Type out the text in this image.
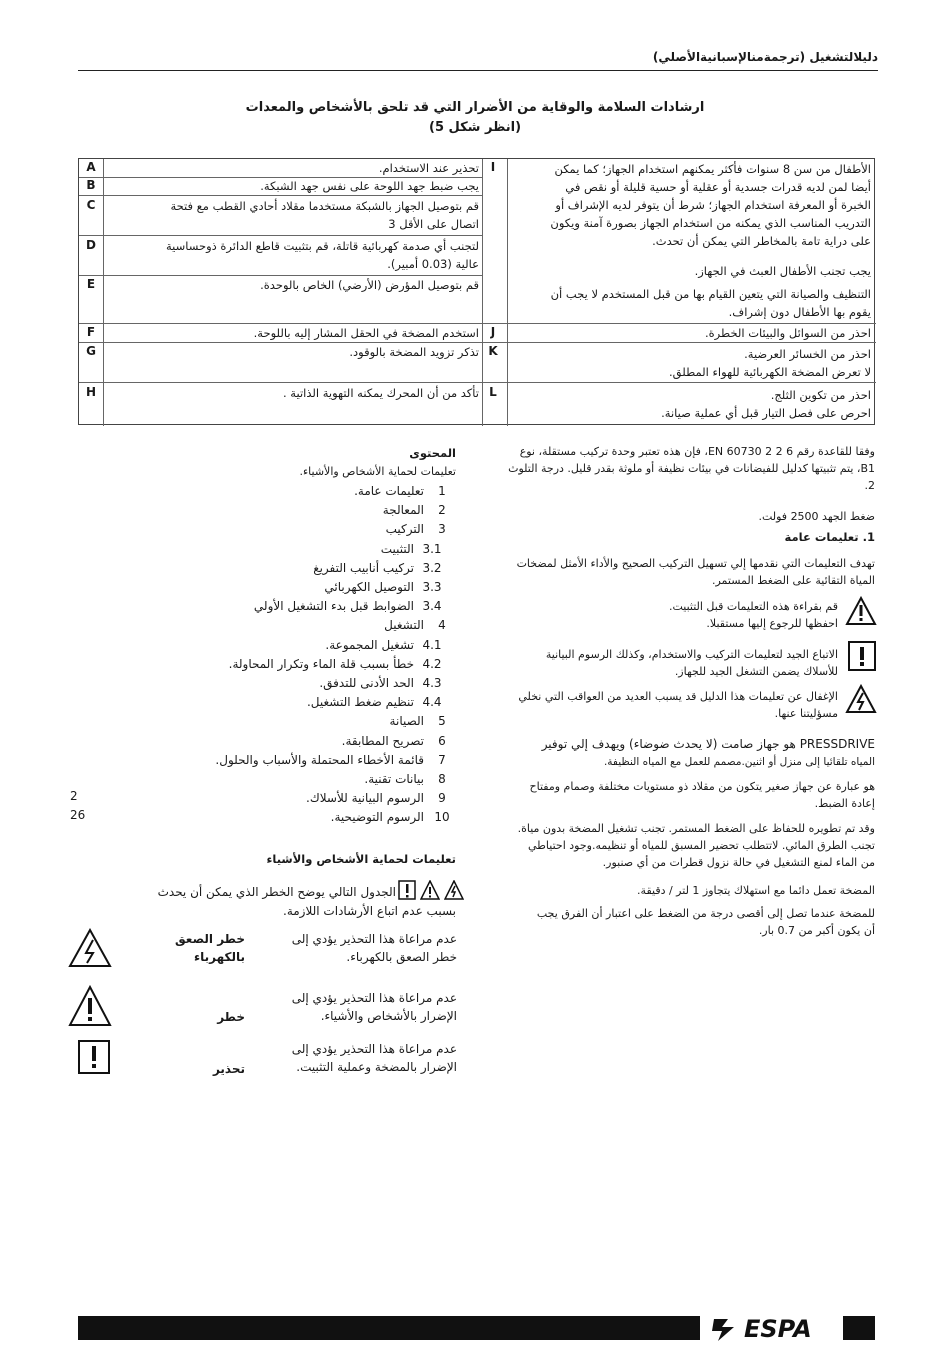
دليلالتشغيل (ترجمةمنالإسبانيةالأصلي)
ارشادات السلامة والوقاية من الأضرار التي قد تلحق بالأشخاص والمعدات
(انظر شكل 5)
I
J
K
L
A
B
C
D
E
F
G
H
الأطفال من سن 8 سنوات فأكثر يمكنهم استخدام الجهاز؛ كما يمكن
أيضا لمن لديه قدرات جسدية أو عقلية أو حسية قليلة أو نقص في
الخبرة أو المعرفة استخدام الجهاز؛ شرط أن يتوفر لديه الإشراف أو
التدريب المناسب الذي يمكنه من استخدام الجهاز بصورة آمنة ويكون
على دراية تامة بالمخاطر التي يمكن أن تحدث.
يجب تجنب الأطفال العبث في الجهاز.
التنظيف والصيانة التي يتعين القيام بها من قبل المستخدم لا يجب أن
يقوم بها الأطفال دون إشراف.
احذر من السوائل والبيئات الخطرة.
احذر من الخسائر العرضية.
لا تعرض المضخة الكهربائية للهواء المطلق.
احذر من تكوين الثلج.
احرص على فصل التيار قبل أي عملية صيانة.
تحذير عند الاستخدام.
يجب ضبط جهد اللوحة على نفس جهد الشبكة.
قم بتوصيل الجهاز بالشبكة مستخدما مقلاد أحادي القطب مع فتحة
اتصال على الأقل 3
لتجنب أي صدمة كهربائية قاتلة، قم بتثبيت قاطع الدائرة ذوحساسية
عالية (0.03 أمبير).
قم بتوصيل المؤرض (الأرضي) الخاص بالوحدة.
استخدم المضخة في الحقل المشار إليه باللوحة.
تذكر تزويد المضخة بالوقود.
تأكد من أن المحرك يمكنه التهوية الذاتية .
وفقا للقاعدة رقم EN 60730 2 2 6، فإن هذه تعتبر وحدة تركيب مستقلة، نوع
B1، يتم تثبيتها كدليل للفيضانات في بيئات نظيفة أو ملوثة بقدر قليل. درجة التلوث
2.
ضغط الجهد 2500 فولت.
1. تعليمات عامة
تهدف التعليمات التي نقدمها إلي تسهيل التركيب الصحيح والأداء الأمثل لمضخات
المياة التقائية على الضغط المستمر.
قم بقراءة هذه التعليمات قبل التثبيت.
احفظها للرجوع إليها مستقبلا.
الاتباع الجيد لتعليمات التركيب والاستخدام، وكذلك الرسوم البيانية
للأسلاك يضمن التشغل الجيد للجهاز.
الإغفال عن تعليمات هذا الدليل قد يسبب العديد من العواقب التي نخلي
مسؤليتنا عنها.
PRESSDRIVE هو جهاز صامت (لا يحدث ضوضاء) ويهدف إلي توفير
المياه تلقائيا إلى منزل أو اثنين.مصمم للعمل مع المياه النظيفة.
هو عبارة عن جهاز صغير يتكون من مقلاد ذو مستويات مختلفة وصمام ومفتاح
إعادة الضبط.
وقد تم تطويره للحفاظ على الضغط المستمر. تجنب تشغيل المضخة بدون مياة.
تجنب الطرق المائي. لاتتطلب تحضير المسبق للمياه أو تنظيمه.وجود احتياطي
من الماء لمنع التشغيل في حالة نزول قطرات من أي صنبور.
المضخة تعمل دائما مع استهلاك يتجاوز 1 لتر / دقيقة.
للمضخة عندما تصل إلى أقصى درجة من الضغط على اعتبار أن الفرق يجب
أن يكون أكبر من 0.7 بار.
المحتوى
تعليمات لحماية الأشخاص والأشياء.
1تعليمات عامة.
2المعالجة
3التركيب
3.1التثبيت
3.2تركيب أنابيب التفريغ
3.3التوصيل الكهربائي
3.4الضوابط قبل بدء التشغيل الأولي
4التشغيل
4.1تشغيل المجموعة.
4.2خطأ بسبب قلة الماء وتكرار المحاولة.
4.3الحد الأدنى للتدفق.
4.4تنظيم ضغط التشغيل.
5الصيانة
6تصريح المطابقة.
7قائمة الأخطاء المحتملة والأسباب والحلول.
8بيانات تقنية.
9الرسوم البيانية للأسلاك.
10الرسوم التوضيحية.
2
26
تعليمات لحماية الأشخاص والأشياء
الجدول التالي يوضح الخطر الذي يمكن أن يحدث
بسبب عدم اتباع الأرشادات اللازمة.
خطر الصعق
بالكهرباء
عدم مراعاة هذا التحذير يؤدي إلى
خطر الصعق بالكهرباء.
خطر
عدم مراعاة هذا التحذير يؤدي إلى
الإضرار بالأشخاص والأشياء.
تحذير
عدم مراعاة هذا التحذير يؤدي إلى
الإضرار بالمضخة وعملية التثبيت.
ESPA
